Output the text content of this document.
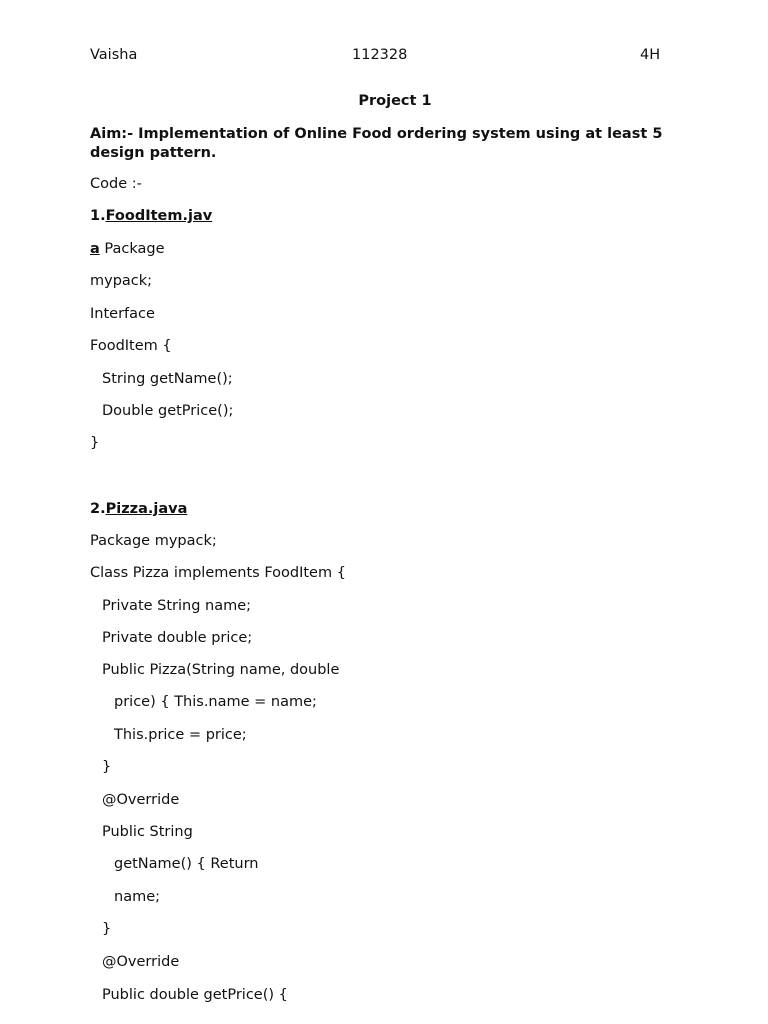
Vaisha	112328	4H
Project 1
Aim:- Implementation of Online Food ordering system using at least 5 design pattern.
Code :-
1.FoodItem.jav
a Package
mypack;
Interface
FoodItem {
String getName();
Double getPrice();
}
2.Pizza.java
Package mypack;
Class Pizza implements FoodItem {
Private String name;
Private double price;
Public Pizza(String name, double
price) { This.name = name;
This.price = price;
}
@Override
Public String
getName() { Return
name;
}
@Override
Public double getPrice() {
